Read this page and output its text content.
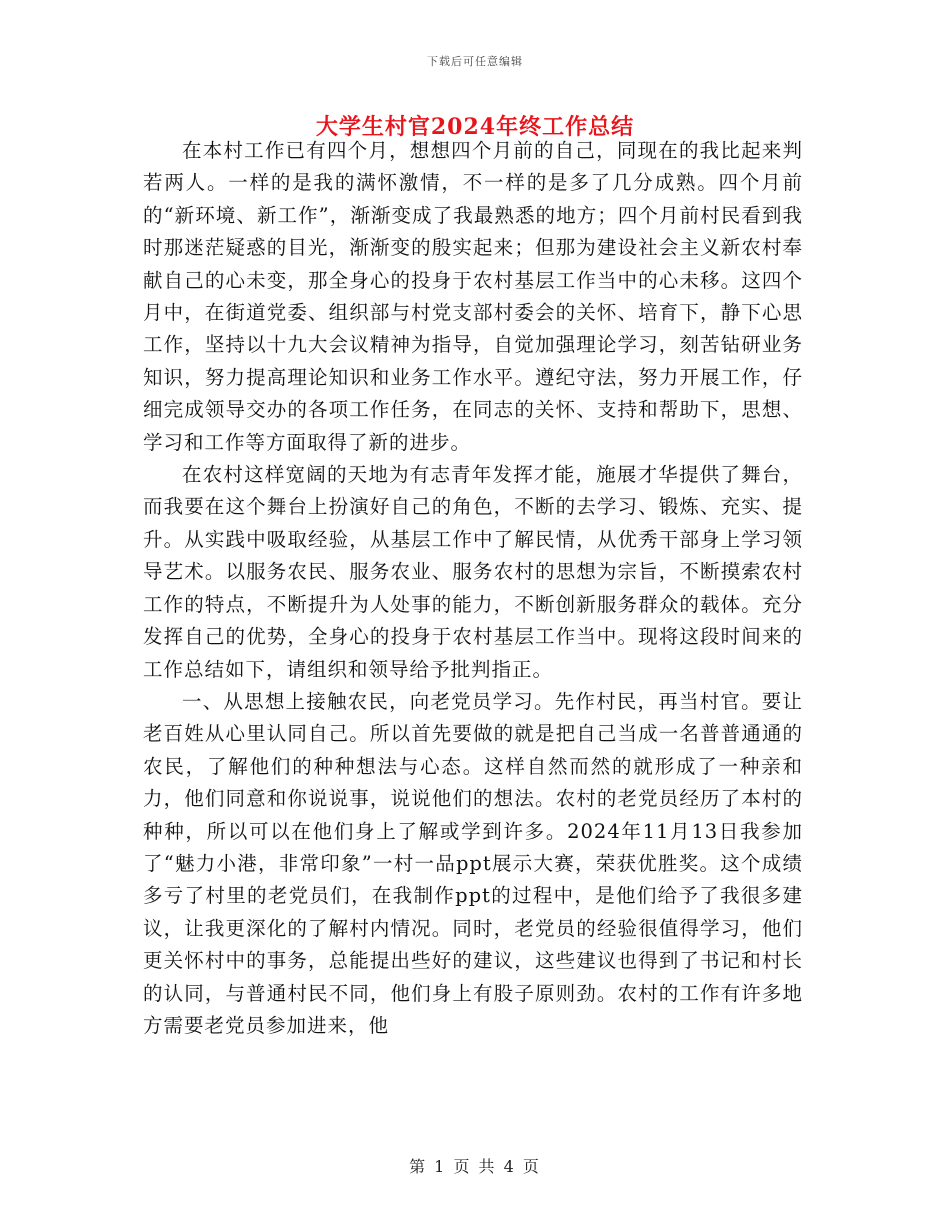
下载后可任意编辑
大学生村官2024年终工作总结

在本村工作已有四个月，想想四个月前的自己，同现在的我比起来判若两人。一样的是我的满怀激情，不一样的是多了几分成熟。四个月前的“新环境、新工作”，渐渐变成了我最熟悉的地方；四个月前村民看到我时那迷茫疑惑的目光，渐渐变的殷实起来；但那为建设社会主义新农村奉献自己的心未变，那全身心的投身于农村基层工作当中的心未移。这四个月中，在街道党委、组织部与村党支部村委会的关怀、培育下，静下心思工作，坚持以十九大会议精神为指导，自觉加强理论学习，刻苦钻研业务知识，努力提高理论知识和业务工作水平。遵纪守法，努力开展工作，仔细完成领导交办的各项工作任务，在同志的关怀、支持和帮助下，思想、学习和工作等方面取得了新的进步。

在农村这样宽阔的天地为有志青年发挥才能，施展才华提供了舞台，而我要在这个舞台上扮演好自己的角色，不断的去学习、锻炼、充实、提升。从实践中吸取经验，从基层工作中了解民情，从优秀干部身上学习领导艺术。以服务农民、服务农业、服务农村的思想为宗旨，不断摸索农村工作的特点，不断提升为人处事的能力，不断创新服务群众的载体。充分发挥自己的优势，全身心的投身于农村基层工作当中。现将这段时间来的工作总结如下，请组织和领导给予批判指正。

一、从思想上接触农民，向老党员学习。先作村民，再当村官。要让老百姓从心里认同自己。所以首先要做的就是把自己当成一名普普通通的农民，了解他们的种种想法与心态。这样自然而然的就形成了一种亲和力，他们同意和你说说事，说说他们的想法。农村的老党员经历了本村的种种，所以可以在他们身上了解或学到许多。2024年11月13日我参加了“魅力小港，非常印象”一村一品ppt展示大赛，荣获优胜奖。这个成绩多亏了村里的老党员们，在我制作ppt的过程中，是他们给予了我很多建议，让我更深化的了解村内情况。同时，老党员的经验很值得学习，他们更关怀村中的事务，总能提出些好的建议，这些建议也得到了书记和村长的认同，与普通村民不同，他们身上有股子原则劲。农村的工作有许多地方需要老党员参加进来，他

第 1 页 共 4 页
